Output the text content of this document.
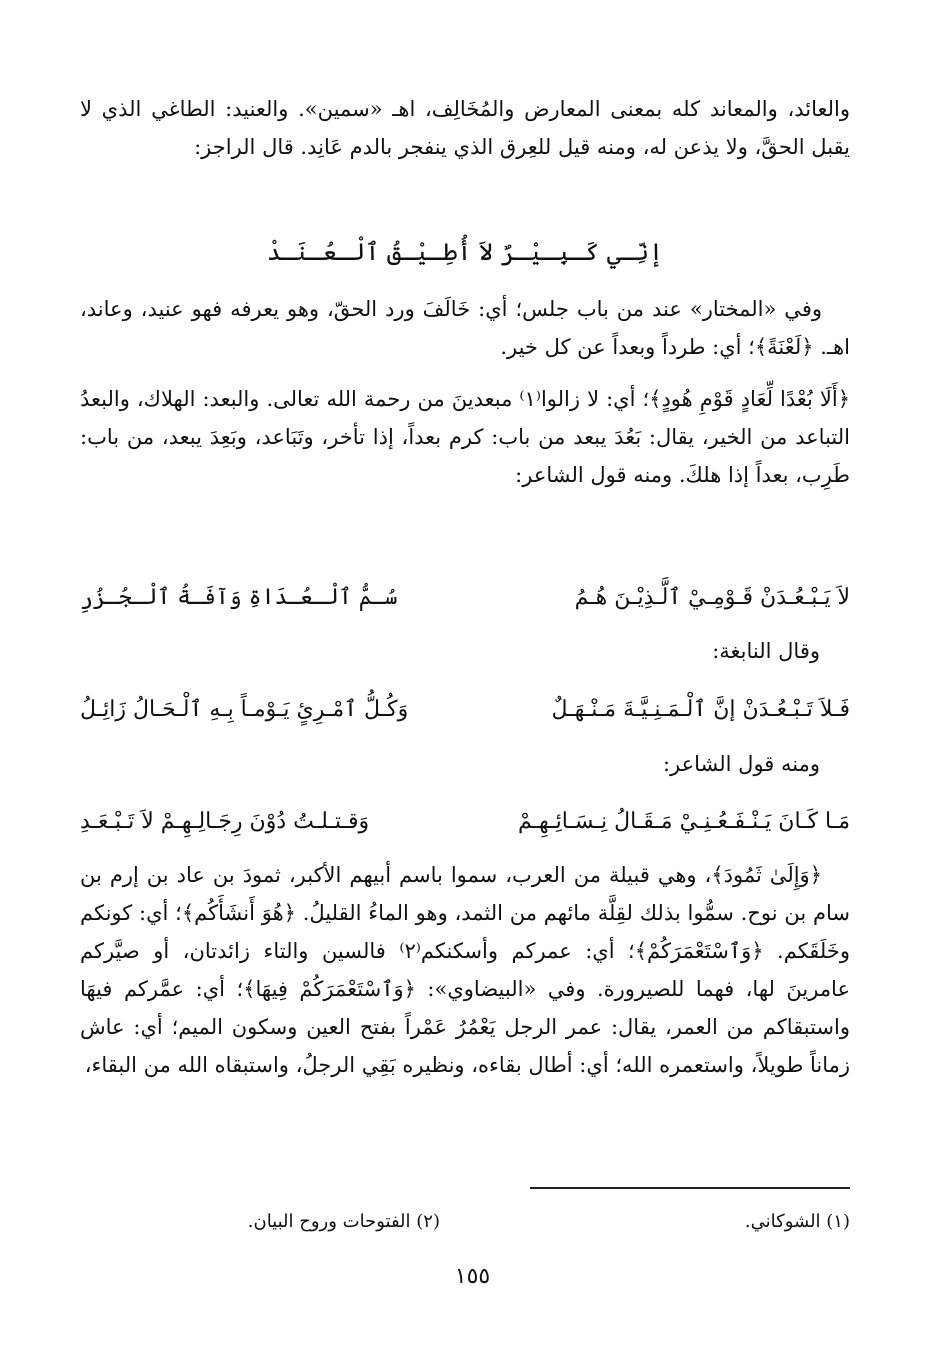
والعائد، والمعاند كله بمعنى المعارض والمُخَالِف، اهـ «سمين». والعنيد: الطاغي الذي لا يقبل الحقَّ، ولا يذعن له، ومنه قيل للعِرق الذي ينفجر بالدم عَانِد. قال الراجز:

إنِّـي كَـبِـيْـرٌ لاَ أُطِـيْـقُ ٱلْـعُـنَـدْ

وفي «المختار» عند من باب جلس؛ أي: خَالَفَ ورد الحقّ، وهو يعرفه فهو عنيد، وعاند، اهـ. ﴿لَعْنَةً﴾؛ أي: طرداً وبعداً عن كل خير.

﴿أَلَا بُعْدًا لِّعَادٍ قَوْمِ هُودٍ﴾؛ أي: لا زالوا⁽١⁾ مبعدينَ من رحمة الله تعالى. والبعد: الهلاك، والبعدُ التباعد من الخير، يقال: بَعُدَ يبعد من باب: كرم بعداً، إذا تأخر، وتَبَاعد، وبَعِدَ يبعد، من باب: طَرِب، بعداً إذا هلكَ. ومنه قول الشاعر:

لاَ يَـبْـعُـدَنْ قَـوْمِـيْ ٱلَّـذِيْـنَ هُـمُ
سُـمُّ ٱلْـعُـدَاةِ وَآفَـةُ ٱلْـجُـزُرِ
وقال النابغة:
فَـلاَ تَـبْـعُـدَنْ إنَّ ٱلْـمَـنِـيَّـةَ مَـنْـهَـلٌ
وَكُـلُّ ٱمْـرِئٍ يَـوْمـاً بِـهِ ٱلْـحَـالُ زَائِـلُ
ومنه قول الشاعر:
مَـا كَـانَ يَـنْـفَـعُـنِـيْ مَـقَـالُ نِـسَـائِـهِـمْ
وَقـتـلـتُ دُوْنَ رِجَـالِـهِـمْ لاَ تَـبْـعَـدِ

﴿وَإِلَىٰ ثَمُودَ﴾، وهي قبيلة من العرب، سموا باسم أبيهم الأكبر، ثمودَ بن عاد بن إرم بن سام بن نوح. سمُّوا بذلك لقِلَّة مائهم من الثمد، وهو الماءُ القليلُ. ﴿هُوَ أَنشَأَكُم﴾؛ أي: كونكم وخَلَقَكم. ﴿وَٱسْتَعْمَرَكُمْ﴾؛ أي: عمركم وأسكنكم⁽٢⁾ فالسين والتاء زائدتان، أو صيَّركم عامرينَ لها، فهما للصيرورة. وفي «البيضاوي»: ﴿وَٱسْتَعْمَرَكُمْ فِيهَا﴾؛ أي: عمَّركم فيهَا واستبقاكم من العمر، يقال: عمر الرجل يَعْمُرُ عَمْراً بفتح العين وسكون الميم؛ أي: عاش زماناً طويلاً، واستعمره الله؛ أي: أطال بقاءه، ونظيره بَقِي الرجلُ، واستبقاه الله من البقاء،

(١) الشوكاني.
(٢) الفتوحات وروح البيان.
١٥٥
